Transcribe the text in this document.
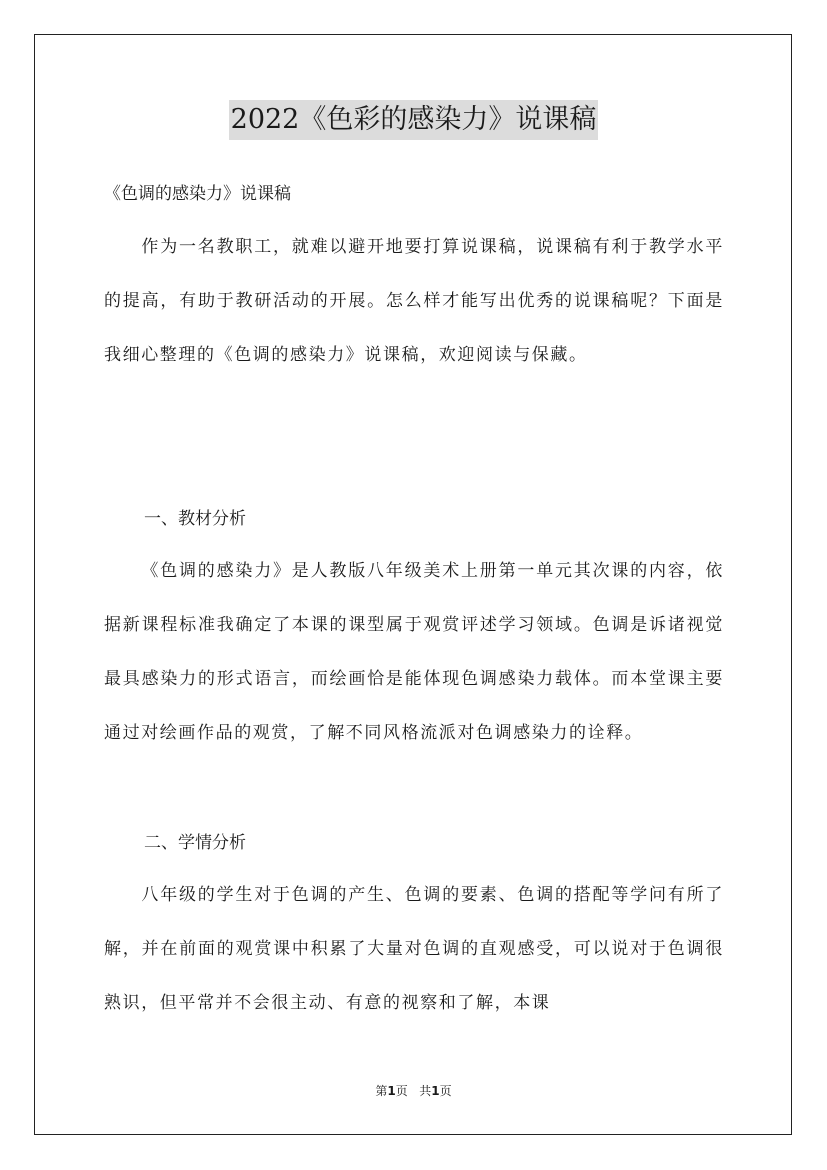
2022《色彩的感染力》说课稿
《色调的感染力》说课稿

作为一名教职工，就难以避开地要打算说课稿，说课稿有利于教学水平的提高，有助于教研活动的开展。怎么样才能写出优秀的说课稿呢？下面是我细心整理的《色调的感染力》说课稿，欢迎阅读与保藏。

一、教材分析

《色调的感染力》是人教版八年级美术上册第一单元其次课的内容，依据新课程标准我确定了本课的课型属于观赏评述学习领域。色调是诉诸视觉最具感染力的形式语言，而绘画恰是能体现色调感染力载体。而本堂课主要通过对绘画作品的观赏，了解不同风格流派对色调感染力的诠释。

二、学情分析

八年级的学生对于色调的产生、色调的要素、色调的搭配等学问有所了解，并在前面的观赏课中积累了大量对色调的直观感受，可以说对于色调很熟识，但平常并不会很主动、有意的视察和了解，本课

第1页 共1页
